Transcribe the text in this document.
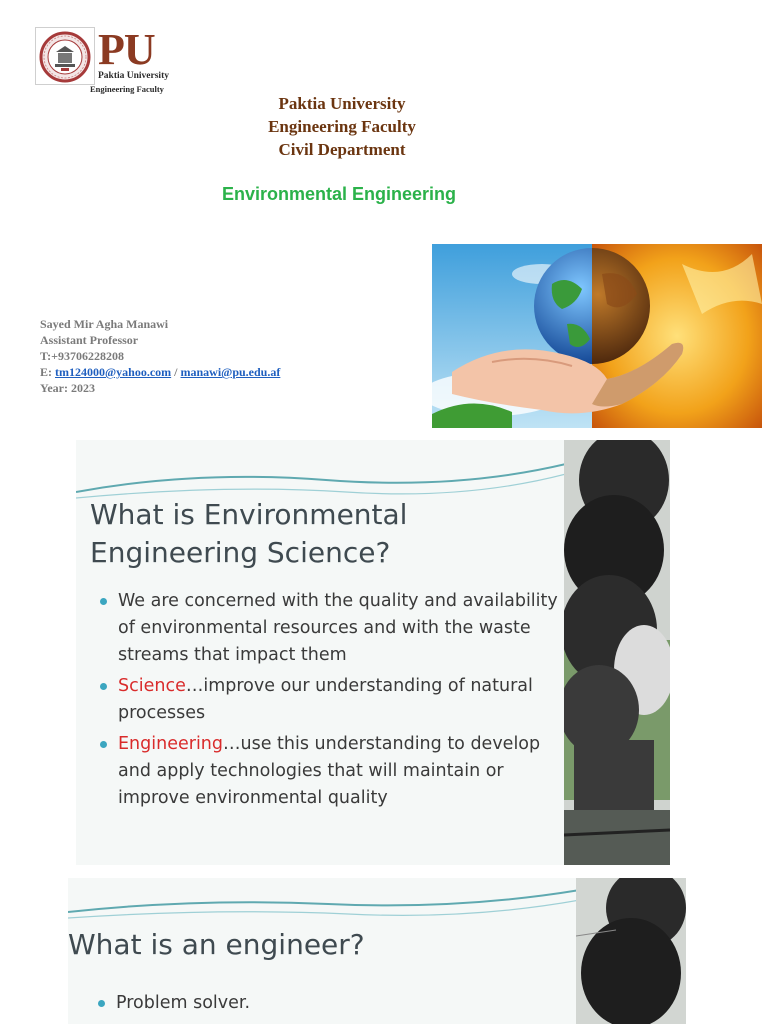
PU
Paktia University
Engineering Faculty
Paktia University
Engineering Faculty
Civil Department
Environmental Engineering
Sayed Mir Agha Manawi
Assistant Professor
T:+93706228208
E: tm124000@yahoo.com / manawi@pu.edu.af
Year: 2023
What is Environmental Engineering Science?
We are concerned with the quality and availability of environmental resources and with the waste streams that impact them
Science…improve our understanding of natural processes
Engineering…use this understanding to develop and apply technologies that will maintain or improve environmental quality
What is an engineer?
Problem solver.
